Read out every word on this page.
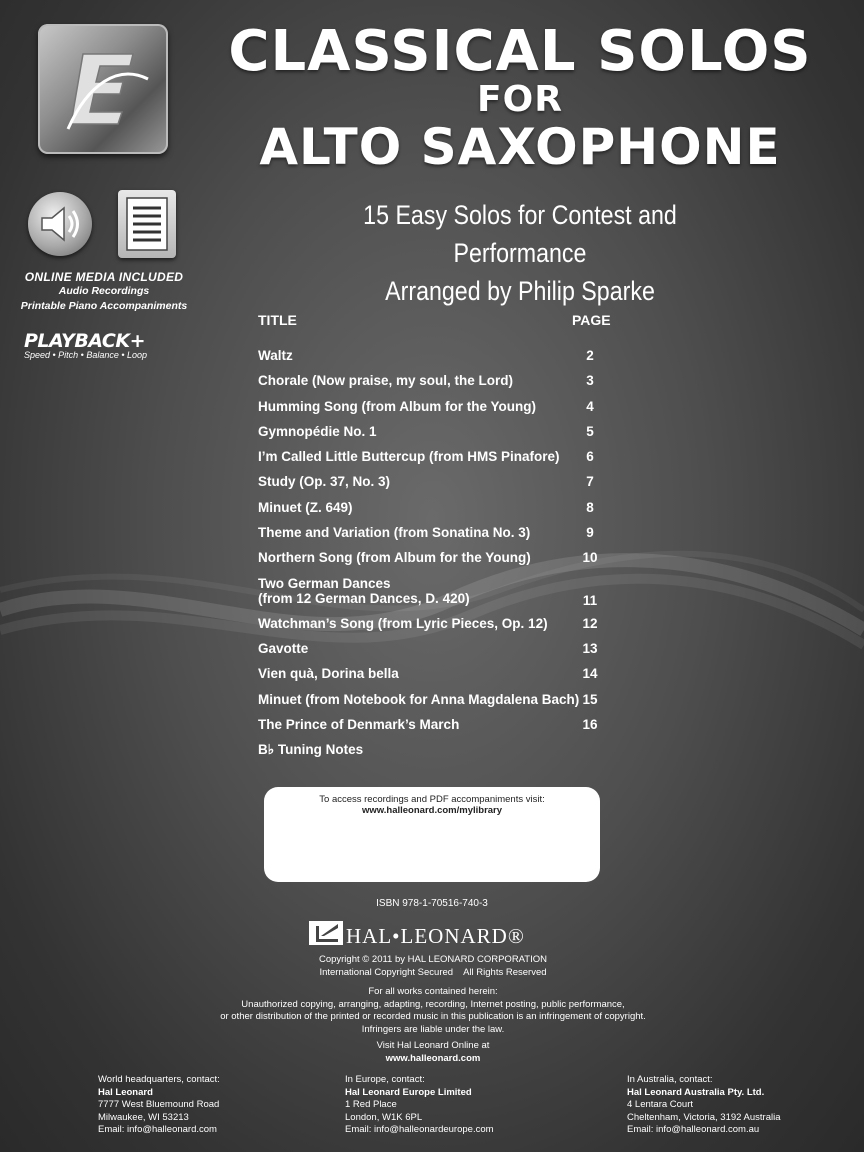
CLASSICAL SOLOS
FOR
ALTO SAXOPHONE
15 Easy Solos for Contest and Performance
Arranged by Philip Sparke
ONLINE MEDIA INCLUDED
Audio Recordings
Printable Piano Accompaniments
PLAYBACK+
Speed • Pitch • Balance • Loop
TITLE	PAGE
Waltz	2
Chorale (Now praise, my soul, the Lord)	3
Humming Song (from Album for the Young)	4
Gymnopédie No. 1	5
I’m Called Little Buttercup (from HMS Pinafore)	6
Study (Op. 37, No. 3)	7
Minuet (Z. 649)	8
Theme and Variation (from Sonatina No. 3)	9
Northern Song (from Album for the Young)	10
Two German Dances
(from 12 German Dances, D. 420)	11
Watchman’s Song (from Lyric Pieces, Op. 12)	12
Gavotte	13
Vien quà, Dorina bella	14
Minuet (from Notebook for Anna Magdalena Bach) 15
The Prince of Denmark’s March	16
B♭ Tuning Notes
To access recordings and PDF accompaniments visit:
www.halleonard.com/mylibrary
ISBN 978-1-70516-740-3
HAL•LEONARD®
Copyright © 2011 by HAL LEONARD CORPORATION
International Copyright Secured    All Rights Reserved
For all works contained herein:
Unauthorized copying, arranging, adapting, recording, Internet posting, public performance,
or other distribution of the printed or recorded music in this publication is an infringement of copyright.
Infringers are liable under the law.
Visit Hal Leonard Online at
www.halleonard.com
World headquarters, contact:
Hal Leonard
7777 West Bluemound Road
Milwaukee, WI 53213
Email: info@halleonard.com
In Europe, contact:
Hal Leonard Europe Limited
1 Red Place
London, W1K 6PL
Email: info@halleonardeurope.com
In Australia, contact:
Hal Leonard Australia Pty. Ltd.
4 Lentara Court
Cheltenham, Victoria, 3192 Australia
Email: info@halleonard.com.au
